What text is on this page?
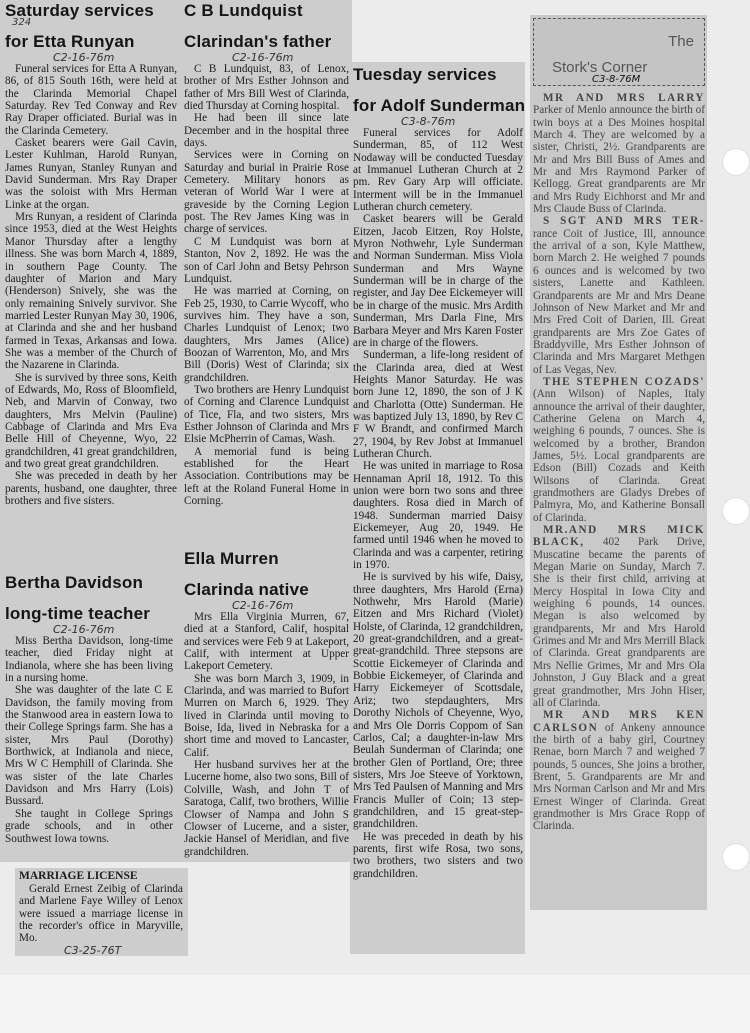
324
Saturday services
for Etta Runyan
C2-16-76m

Funeral services for Etta A Runyan, 86, of 815 South 16th, were held at the Clarinda Memorial Chapel Saturday. Rev Ted Conway and Rev Ray Draper officiated. Burial was in the Clarinda Cemetery.

Casket bearers were Gail Cavin, Lester Kuhlman, Harold Runyan, James Runyan, Stanley Runyan and David Sunderman. Mrs Ray Draper was the soloist with Mrs Herman Linke at the organ.

Mrs Runyan, a resident of Clarinda since 1953, died at the West Heights Manor Thursday after a lengthy illness. She was born March 4, 1889, in southern Page County. The daughter of Marion and Mary (Henderson) Snively, she was the only remaining Snively survivor. She married Lester Runyan May 30, 1906, at Clarinda and she and her husband farmed in Texas, Arkansas and Iowa. She was a member of the Church of the Nazarene in Clarinda.

She is survived by three sons, Keith of Edwards, Mo, Ross of Bloomfield, Neb, and Marvin of Conway, two daughters, Mrs Melvin (Pauline) Cabbage of Clarinda and Mrs Eva Belle Hill of Cheyenne, Wyo, 22 grandchildren, 41 great grandchildren, and two great great grandchildren.

She was preceded in death by her parents, husband, one daughter, three brothers and five sisters.

Bertha Davidson
long-time teacher
C2-16-76m

Miss Bertha Davidson, long-time teacher, died Friday night at Indianola, where she has been living in a nursing home.

She was daughter of the late C E Davidson, the family moving from the Stanwood area in eastern Iowa to their College Springs farm. She has a sister, Mrs Paul (Dorothy) Borthwick, at Indianola and niece, Mrs W C Hemphill of Clarinda. She was sister of the late Charles Davidson and Mrs Harry (Lois) Bussard.

She taught in College Springs grade schools, and in other Southwest Iowa towns.

C B Lundquist
Clarindan's father
C2-16-76m

C B Lundquist, 83, of Lenox, brother of Mrs Esther Johnson and father of Mrs Bill West of Clarinda, died Thursday at Corning hospital.

He had been ill since late December and in the hospital three days.

Services were in Corning on Saturday and burial in Prairie Rose Cemetery. Military honors as veteran of World War I were at graveside by the Corning Legion post. The Rev James King was in charge of services.

C M Lundquist was born at Stanton, Nov 2, 1892. He was the son of Carl John and Betsy Pehrson Lundquist.

He was married at Corning, on Feb 25, 1930, to Carrie Wycoff, who survives him. They have a son, Charles Lundquist of Lenox; two daughters, Mrs James (Alice) Boozan of Warrenton, Mo, and Mrs Bill (Doris) West of Clarinda; six grandchildren.

Two brothers are Henry Lundquist of Corning and Clarence Lundquist of Tice, Fla, and two sisters, Mrs Esther Johnson of Clarinda and Mrs Elsie McPherrin of Camas, Wash.

A memorial fund is being established for the Heart Association. Contributions may be left at the Roland Funeral Home in Corning.

Ella Murren
Clarinda native
C2-16-76m

Mrs Ella Virginia Murren, 67, died at a Stanford, Calif, hospital and services were Feb 9 at Lakeport, Calif, with interment at Upper Lakeport Cemetery.

She was born March 3, 1909, in Clarinda, and was married to Bufort Murren on March 6, 1929. They lived in Clarinda until moving to Boise, Ida, lived in Nebraska for a short time and moved to Lancaster, Calif.

Her husband survives her at the Lucerne home, also two sons, Bill of Colville, Wash, and John T of Saratoga, Calif, two brothers, Willie Clowser of Nampa and John S Clowser of Lucerne, and a sister, Jackie Hansel of Meridian, and five grandchildren.

Tuesday services
for Adolf Sunderman
C3-8-76m

Funeral services for Adolf Sunderman, 85, of 112 West Nodaway will be conducted Tuesday at Immanuel Lutheran Church at 2 pm. Rev Gary Arp will officiate. Interment will be in the Immanuel Lutheran church cemetery.

Casket bearers will be Gerald Eitzen, Jacob Eitzen, Roy Holste, Myron Nothwehr, Lyle Sunderman and Norman Sunderman. Miss Viola Sunderman and Mrs Wayne Sunderman will be in charge of the register, and Jay Dee Eickemeyer will be in charge of the music. Mrs Ardith Sunderman, Mrs Darla Fine, Mrs Barbara Meyer and Mrs Karen Foster are in charge of the flowers.

Sunderman, a life-long resident of the Clarinda area, died at West Heights Manor Saturday. He was born June 12, 1890, the son of J K and Charlotta (Otte) Sunderman. He was baptized July 13, 1890, by Rev C F W Brandt, and confirmed March 27, 1904, by Rev Jobst at Immanuel Lutheran Church.

He was united in marriage to Rosa Hennaman April 18, 1912. To this union were born two sons and three daughters. Rosa died in March of 1948. Sunderman married Daisy Eickemeyer, Aug 20, 1949. He farmed until 1946 when he moved to Clarinda and was a carpenter, retiring in 1970.

He is survived by his wife, Daisy, three daughters, Mrs Harold (Erna) Nothwehr, Mrs Harold (Marie) Eitzen and Mrs Richard (Violet) Holste, of Clarinda, 12 grandchildren, 20 great-grandchildren, and a great-great-grandchild. Three stepsons are Scottie Eickemeyer of Clarinda and Bobbie Eickemeyer, of Clarinda and Harry Eickemeyer of Scottsdale, Ariz; two stepdaughters, Mrs Dorothy Nichols of Cheyenne, Wyo, and Mrs Ole Dorris Coppom of San Carlos, Cal; a daughter-in-law Mrs Beulah Sunderman of Clarinda; one brother Glen of Portland, Ore; three sisters, Mrs Joe Steeve of Yorktown, Mrs Ted Paulsen of Manning and Mrs Francis Muller of Coin; 13 step-grandchildren, and 15 great-step-grandchildren.

He was preceded in death by his parents, first wife Rosa, two sons, two brothers, two sisters and two grandchildren.

MARRIAGE LICENSE

Gerald Ernest Zeibig of Clarinda and Marlene Faye Willey of Lenox were issued a marriage license in the recorder's office in Maryville, Mo.

C3-25-76T
The
Stork's Corner
C3-8-76M

MR AND MRS LARRY Parker of Menlo announce the birth of twin boys at a Des Moines hospital March 4. They are welcomed by a sister, Christi, 2½. Grandparents are Mr and Mrs Bill Buss of Ames and Mr and Mrs Raymond Parker of Kellogg. Great grandparents are Mr and Mrs Rudy Eichhorst and Mr and Mrs Claude Buss of Clarinda.

S SGT AND MRS TER- rance Coit of Justice, Ill, announce the arrival of a son, Kyle Matthew, born March 2. He weighed 7 pounds 6 ounces and is welcomed by two sisters, Lanette and Kathleen. Grandparents are Mr and Mrs Deane Johnson of New Market and Mr and Mrs Fred Coit of Darien, Ill. Great grandparents are Mrs Zoe Gates of Braddyville, Mrs Esther Johnson of Clarinda and Mrs Margaret Methgen of Las Vegas, Nev.

THE STEPHEN COZADS' (Ann Wilson) of Naples, Italy announce the arrival of their daughter, Catherine Gelena on March 4, weighing 6 pounds, 7 ounces. She is welcomed by a brother, Brandon James, 5½. Local grandparents are Edson (Bill) Cozads and Keith Wilsons of Clarinda. Great grandmothers are Gladys Drebes of Palmyra, Mo, and Katherine Bonsall of Clarinda.

MR.AND MRS MICK BLACK, 402 Park Drive, Muscatine became the parents of Megan Marie on Sunday, March 7. She is their first child, arriving at Mercy Hospital in Iowa City and weighing 6 pounds, 14 ounces. Megan is also welcomed by grandparents, Mr and Mrs Harold Grimes and Mr and Mrs Merrill Black of Clarinda. Great grandparents are Mrs Nellie Grimes, Mr and Mrs Ola Johnston, J Guy Black and a great great grandmother, Mrs John Hiser, all of Clarinda.

MR AND MRS KEN CARLSON of Ankeny announce the birth of a baby girl, Courtney Renae, born March 7 and weighed 7 pounds, 5 ounces, She joins a brother, Brent, 5. Grandparents are Mr and Mrs Norman Carlson and Mr and Mrs Ernest Winger of Clarinda. Great grandmother is Mrs Grace Ropp of Clarinda.
